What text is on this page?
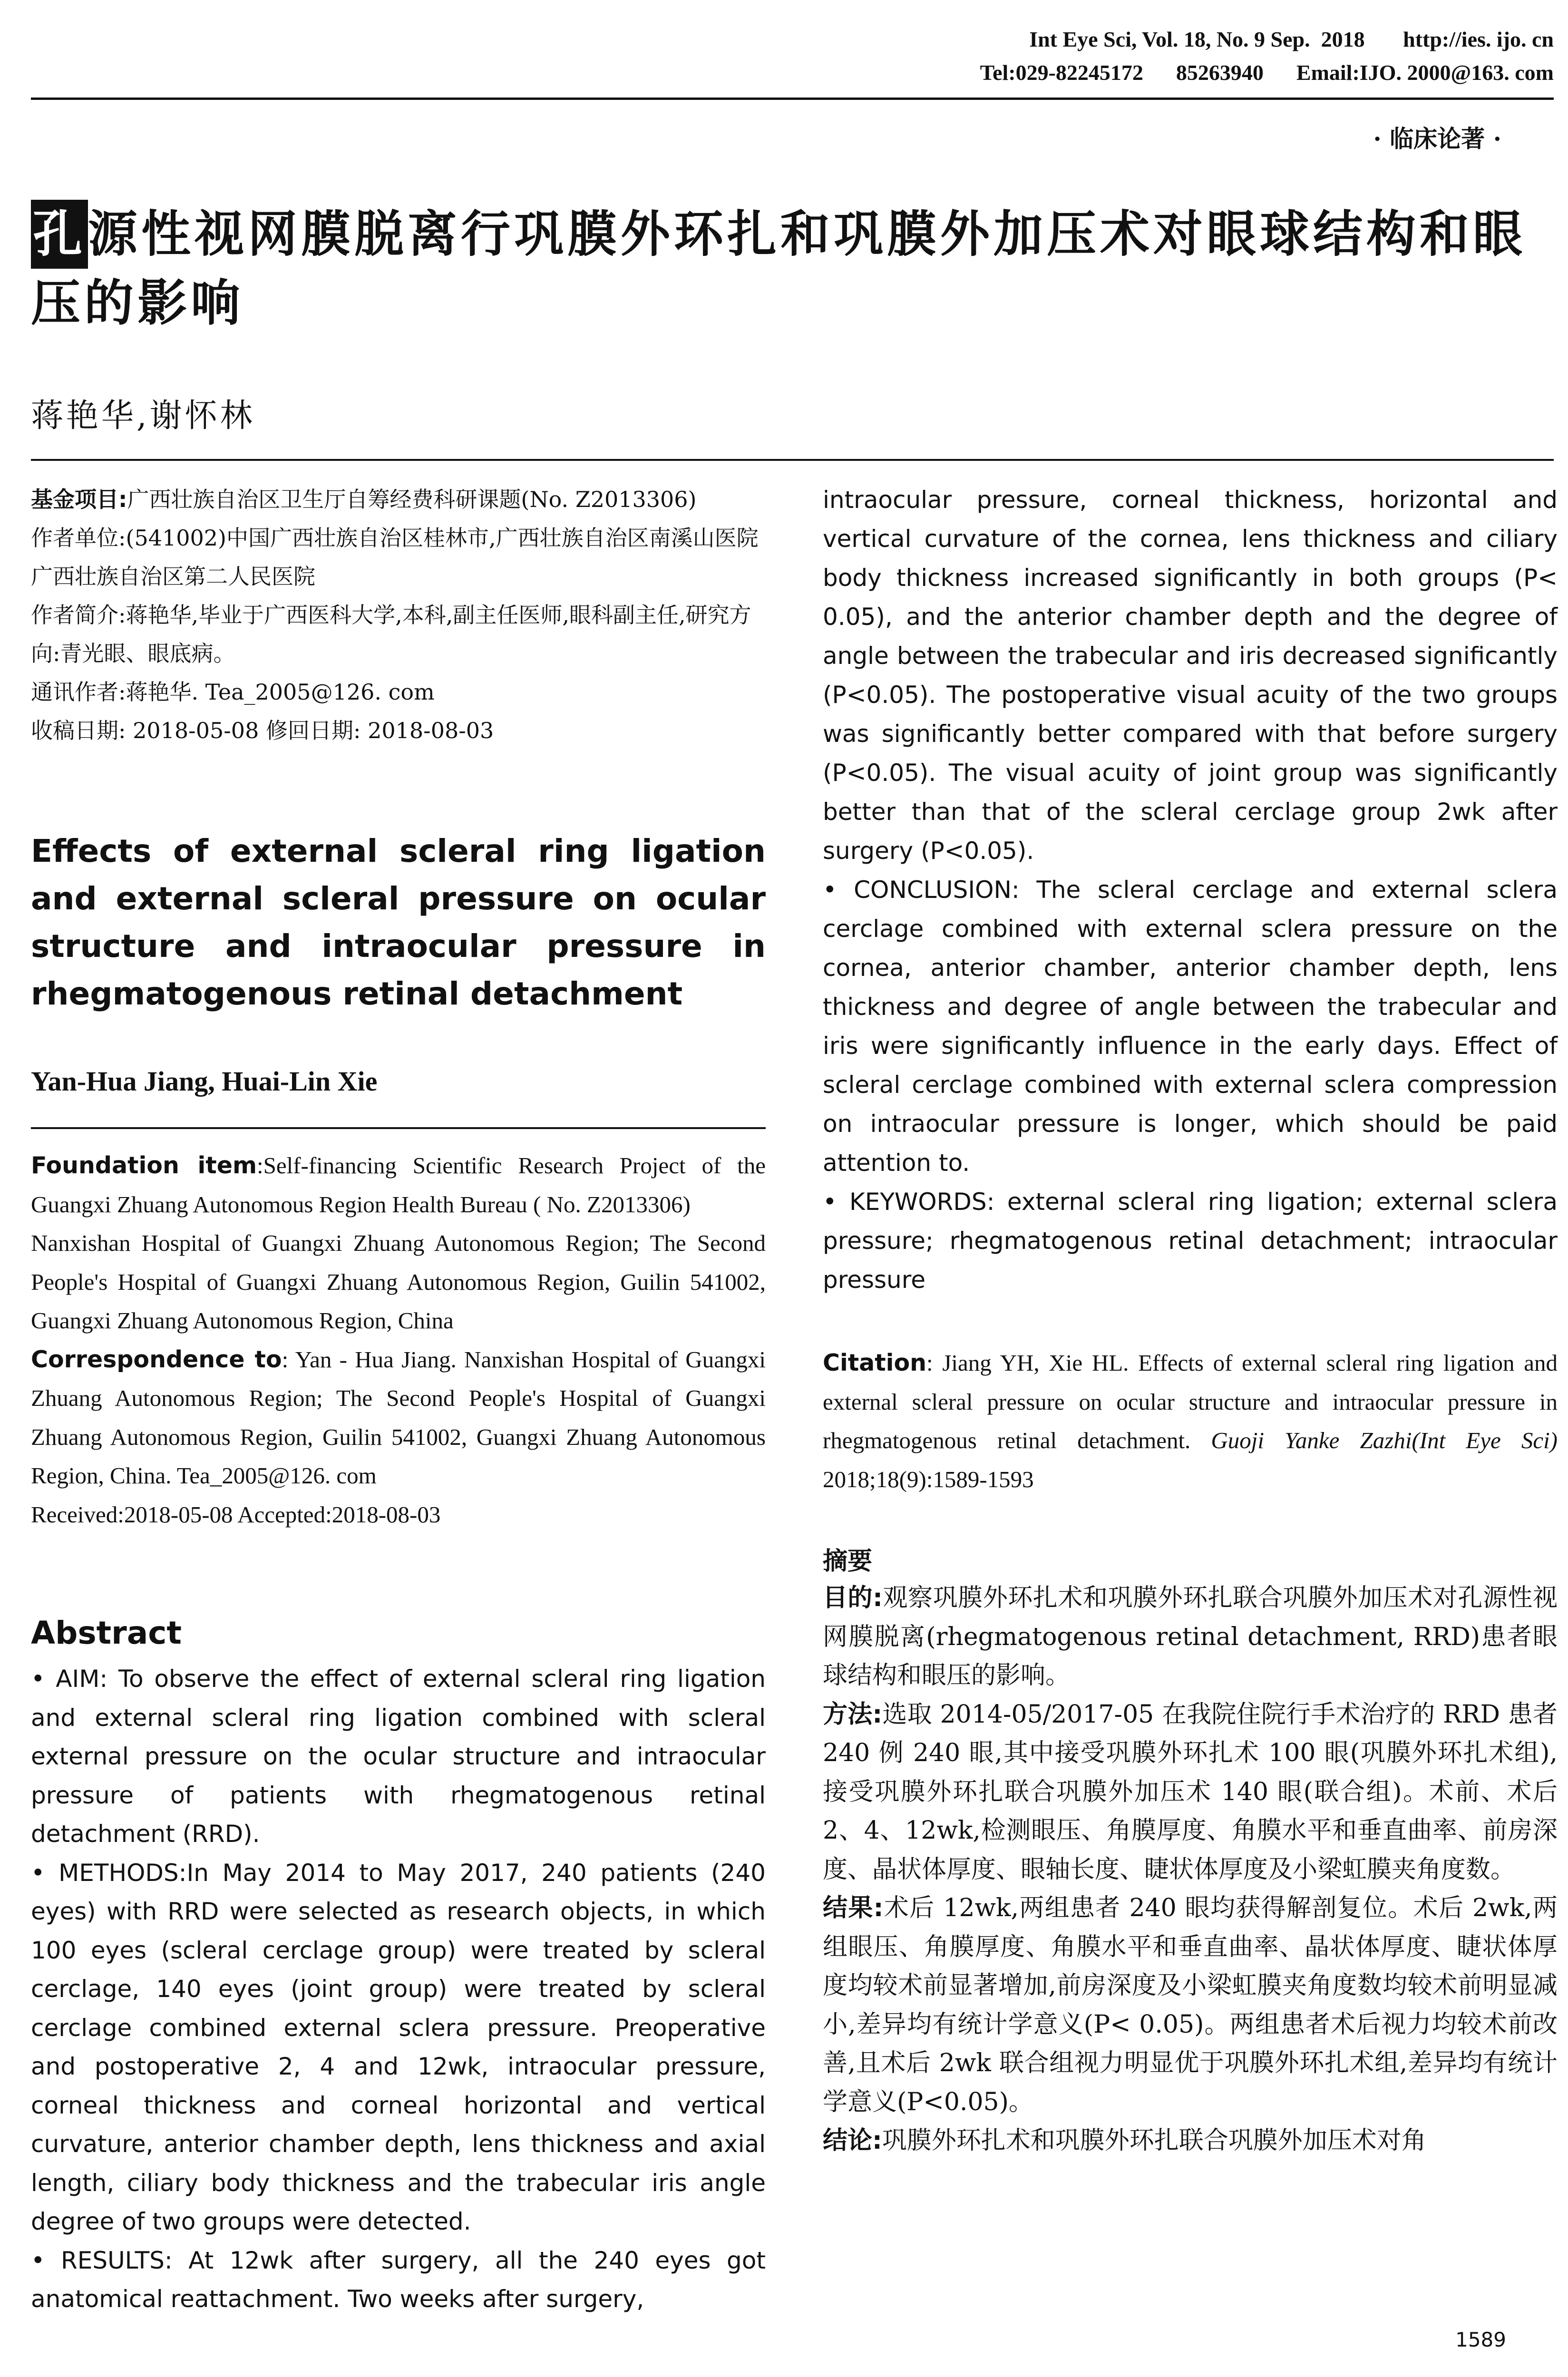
Int Eye Sci, Vol. 18, No. 9 Sep.  2018       http://ies. ijo. cn
Tel:029-82245172      85263940      Email:IJO. 2000@163. com
· 临床论著 ·
孔源性视网膜脱离行巩膜外环扎和巩膜外加压术对眼球结构和眼压的影响
蒋艳华,谢怀林

基金项目:广西壮族自治区卫生厅自筹经费科研课题(No. Z2013306)

作者单位:(541002)中国广西壮族自治区桂林市,广西壮族自治区南溪山医院 广西壮族自治区第二人民医院

作者简介:蒋艳华,毕业于广西医科大学,本科,副主任医师,眼科副主任,研究方向:青光眼、眼底病。

通讯作者:蒋艳华. Tea_2005@126. com

收稿日期: 2018-05-08 修回日期: 2018-08-03

Effects of external scleral ring ligation and external scleral pressure on ocular structure and intraocular pressure in rhegmatogenous retinal detachment
Yan-Hua Jiang, Huai-Lin Xie

Foundation item:Self-financing Scientific Research Project of the Guangxi Zhuang Autonomous Region Health Bureau ( No. Z2013306)

Nanxishan Hospital of Guangxi Zhuang Autonomous Region; The Second People's Hospital of Guangxi Zhuang Autonomous Region, Guilin 541002, Guangxi Zhuang Autonomous Region, China

Correspondence to: Yan - Hua Jiang. Nanxishan Hospital of Guangxi Zhuang Autonomous Region; The Second People's Hospital of Guangxi Zhuang Autonomous Region, Guilin 541002, Guangxi Zhuang Autonomous Region, China. Tea_2005@126. com

Received:2018-05-08 Accepted:2018-08-03

Abstract

• AIM: To observe the effect of external scleral ring ligation and external scleral ring ligation combined with scleral external pressure on the ocular structure and intraocular pressure of patients with rhegmatogenous retinal detachment (RRD).

• METHODS:In May 2014 to May 2017, 240 patients (240 eyes) with RRD were selected as research objects, in which 100 eyes (scleral cerclage group) were treated by scleral cerclage, 140 eyes (joint group) were treated by scleral cerclage combined external sclera pressure. Preoperative and postoperative 2, 4 and 12wk, intraocular pressure, corneal thickness and corneal horizontal and vertical curvature, anterior chamber depth, lens thickness and axial length, ciliary body thickness and the trabecular iris angle degree of two groups were detected.

• RESULTS: At 12wk after surgery, all the 240 eyes got anatomical reattachment. Two weeks after surgery,

intraocular pressure, corneal thickness, horizontal and vertical curvature of the cornea, lens thickness and ciliary body thickness increased significantly in both groups (P< 0.05), and the anterior chamber depth and the degree of angle between the trabecular and iris decreased significantly (P<0.05). The postoperative visual acuity of the two groups was significantly better compared with that before surgery (P<0.05). The visual acuity of joint group was significantly better than that of the scleral cerclage group 2wk after surgery (P<0.05).

• CONCLUSION: The scleral cerclage and external sclera cerclage combined with external sclera pressure on the cornea, anterior chamber, anterior chamber depth, lens thickness and degree of angle between the trabecular and iris were significantly influence in the early days. Effect of scleral cerclage combined with external sclera compression on intraocular pressure is longer, which should be paid attention to.

• KEYWORDS: external scleral ring ligation; external sclera pressure; rhegmatogenous retinal detachment; intraocular pressure

Citation: Jiang YH, Xie HL. Effects of external scleral ring ligation and external scleral pressure on ocular structure and intraocular pressure in rhegmatogenous retinal detachment. Guoji Yanke Zazhi(Int Eye Sci) 2018;18(9):1589-1593
摘要

目的:观察巩膜外环扎术和巩膜外环扎联合巩膜外加压术对孔源性视网膜脱离(rhegmatogenous retinal detachment, RRD)患者眼球结构和眼压的影响。

方法:选取 2014-05/2017-05 在我院住院行手术治疗的 RRD 患者 240 例 240 眼,其中接受巩膜外环扎术 100 眼(巩膜外环扎术组),接受巩膜外环扎联合巩膜外加压术 140 眼(联合组)。术前、术后 2、4、12wk,检测眼压、角膜厚度、角膜水平和垂直曲率、前房深度、晶状体厚度、眼轴长度、睫状体厚度及小梁虹膜夹角度数。

结果:术后 12wk,两组患者 240 眼均获得解剖复位。术后 2wk,两组眼压、角膜厚度、角膜水平和垂直曲率、晶状体厚度、睫状体厚度均较术前显著增加,前房深度及小梁虹膜夹角度数均较术前明显减小,差异均有统计学意义(P< 0.05)。两组患者术后视力均较术前改善,且术后 2wk 联合组视力明显优于巩膜外环扎术组,差异均有统计学意义(P<0.05)。

结论:巩膜外环扎术和巩膜外环扎联合巩膜外加压术对角

1589
